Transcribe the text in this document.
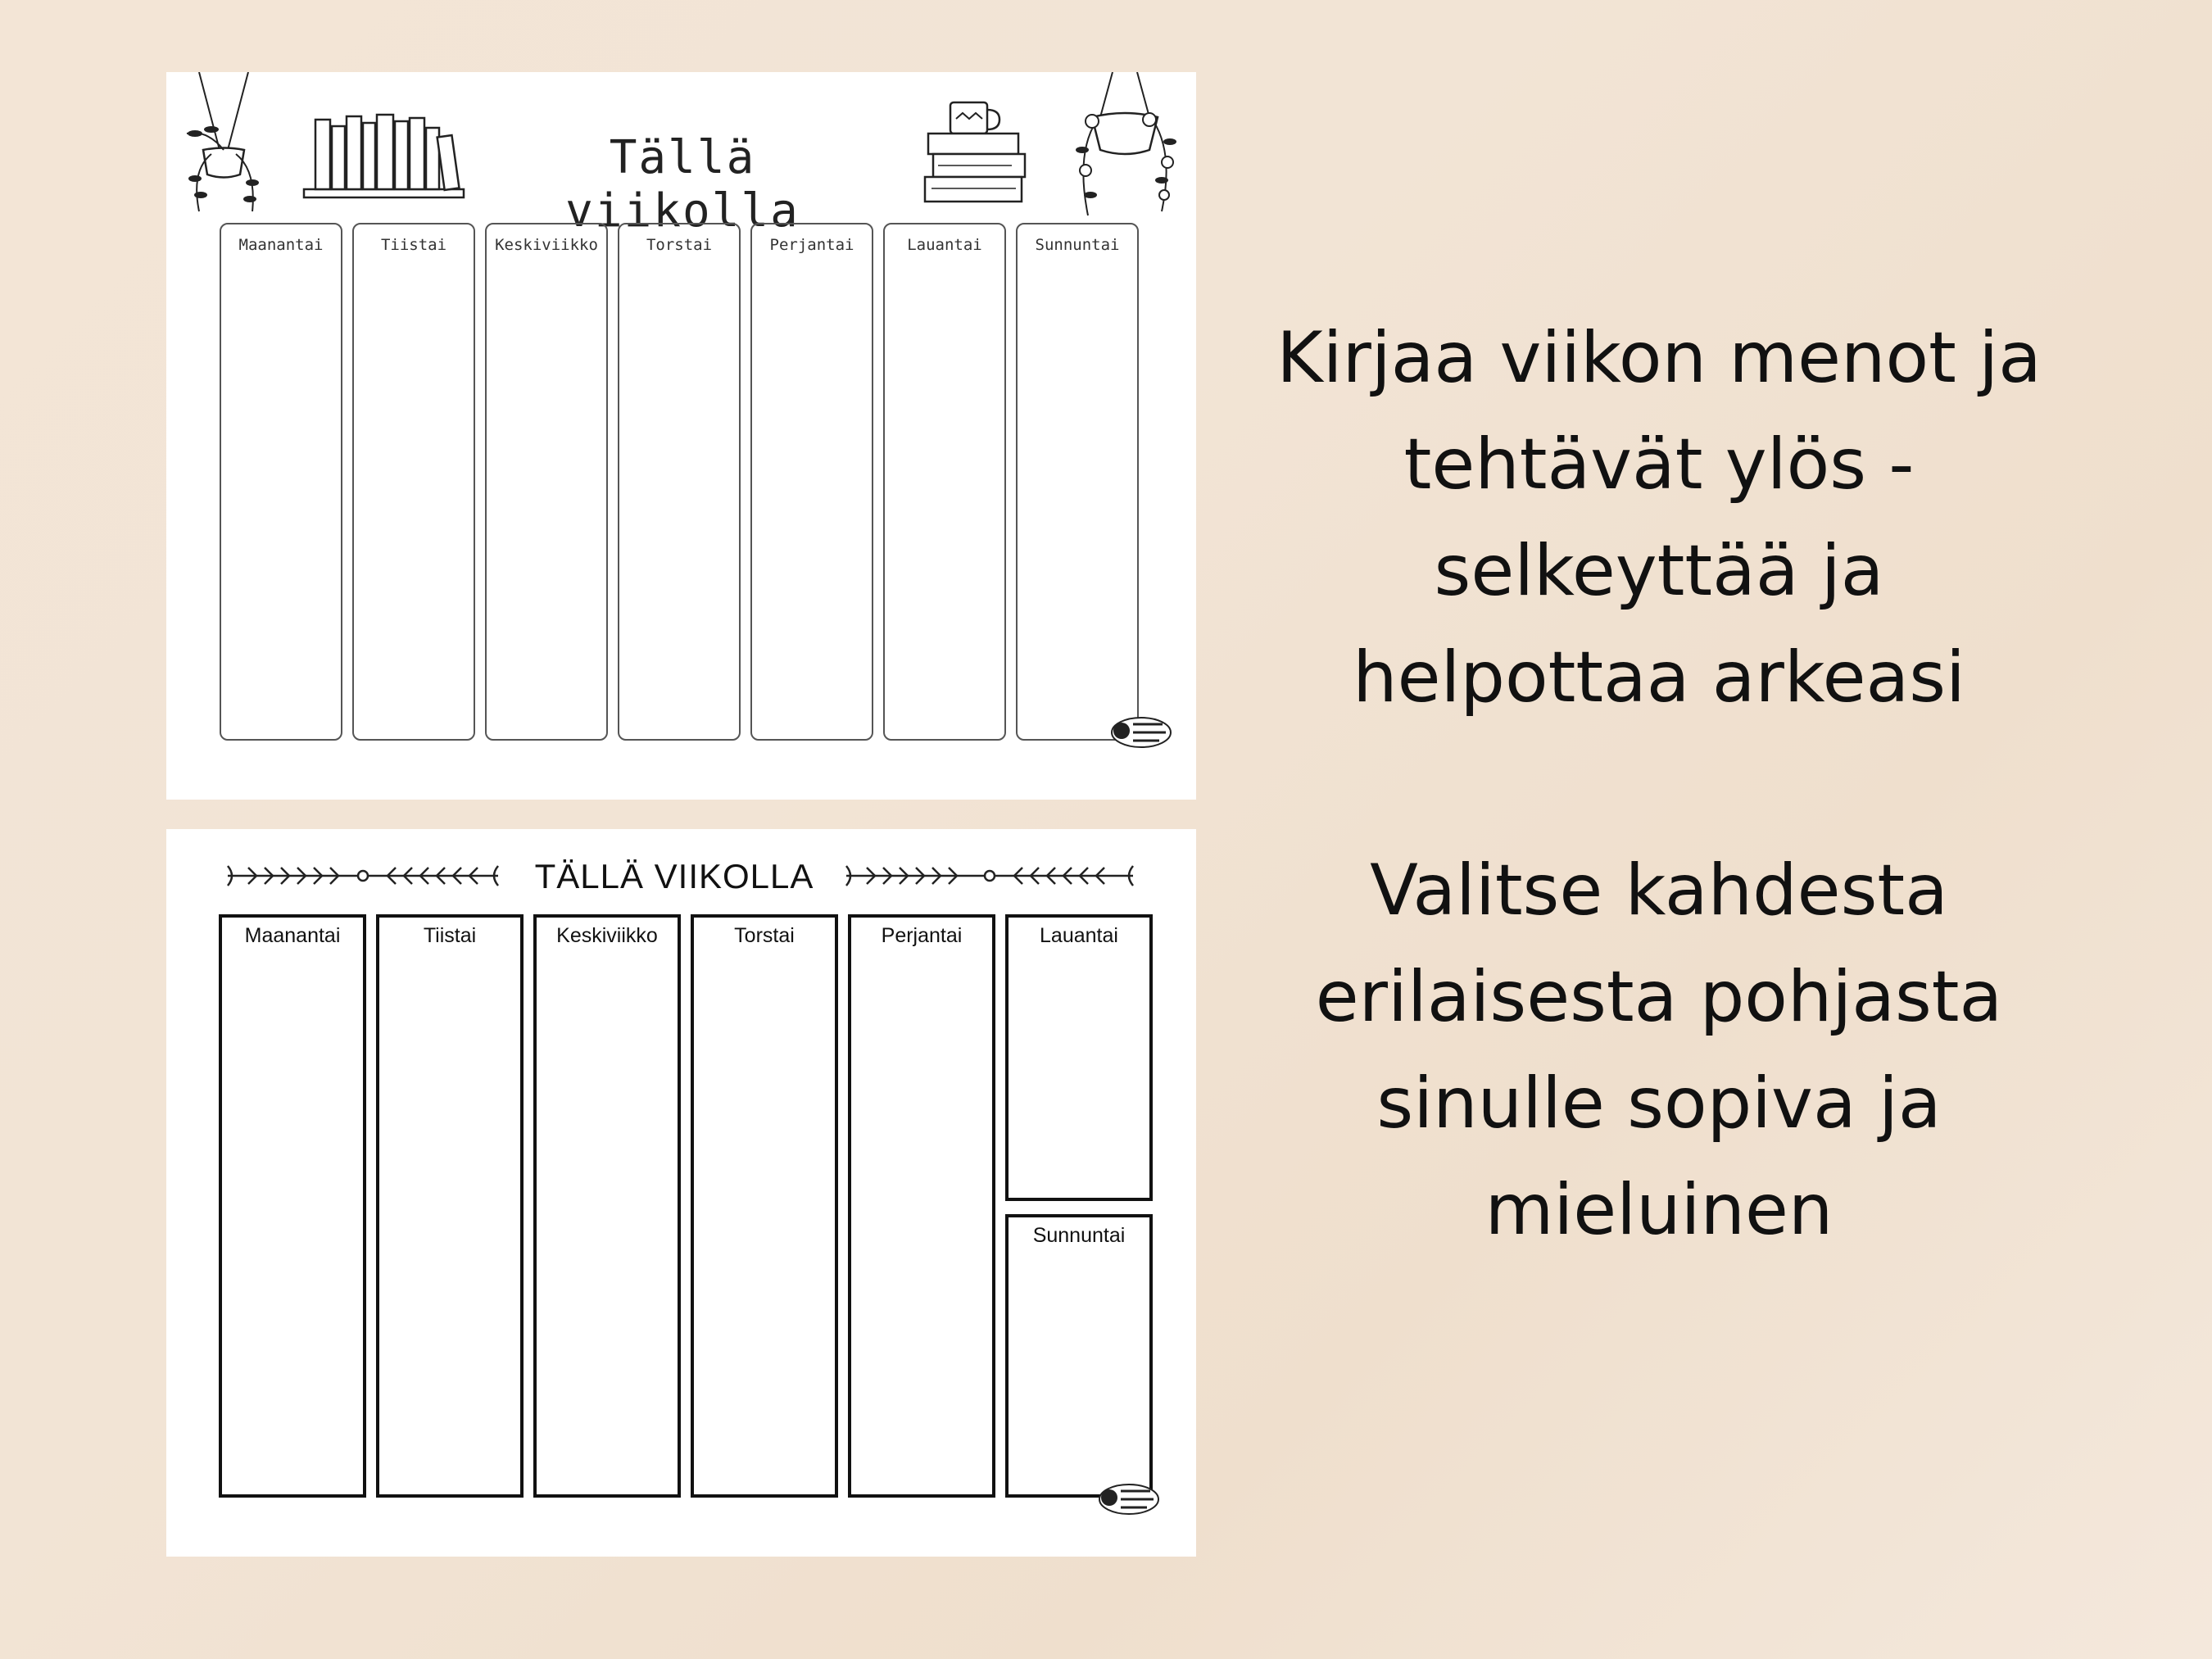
Tällä viikolla
Maanantai	Tiistai	Keskiviikko	Torstai	Perjantai	Lauantai	Sunnuntai
TÄLLÄ VIIKOLLA
Maanantai	Tiistai	Keskiviikko	Torstai	Perjantai	Lauantai
Sunnuntai
Kirjaa viikon menot ja
tehtävät ylös -
selkeyttää ja
helpottaa arkeasi
Valitse kahdesta
erilaisesta pohjasta
sinulle sopiva ja
mieluinen
